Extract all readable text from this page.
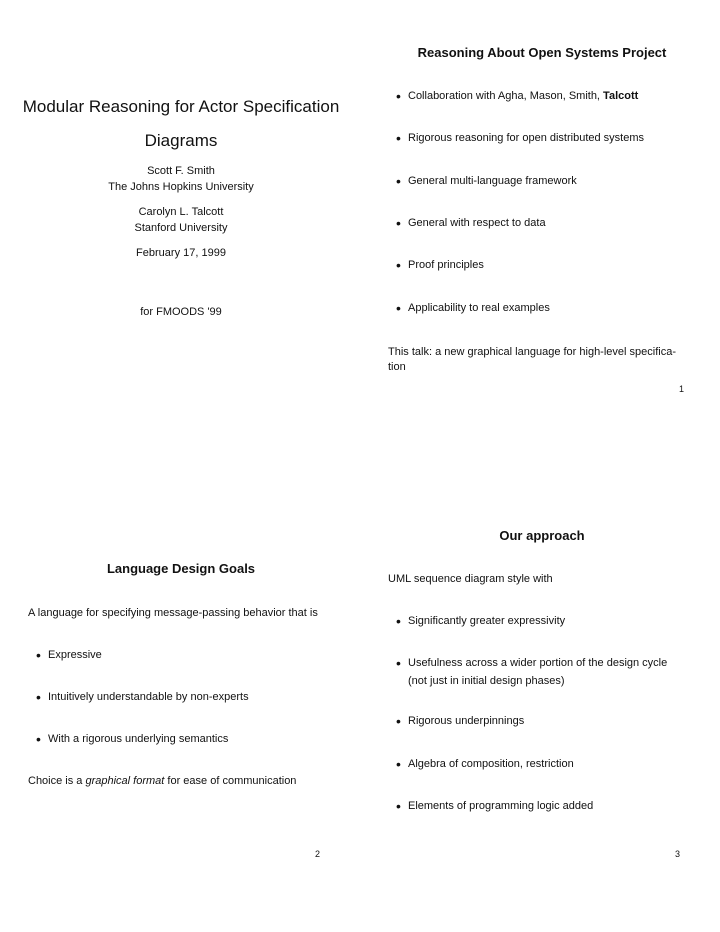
Modular Reasoning for Actor Specification Diagrams
Scott F. Smith
The Johns Hopkins University
Carolyn L. Talcott
Stanford University
February 17, 1999
for FMOODS '99
Reasoning About Open Systems Project
•
Collaboration with Agha, Mason, Smith, Talcott
•
Rigorous reasoning for open distributed systems
•
General multi-language framework
•
General with respect to data
•
Proof principles
•
Applicability to real examples
This talk: a new graphical language for high-level specifica-
tion
1
Language Design Goals
A language for specifying message-passing behavior that is
•
Expressive
•
Intuitively understandable by non-experts
•
With a rigorous underlying semantics
Choice is a graphical format for ease of communication
2
Our approach
UML sequence diagram style with
•
Significantly greater expressivity
•
Usefulness across a wider portion of the design cycle
(not just in initial design phases)
•
Rigorous underpinnings
•
Algebra of composition, restriction
•
Elements of programming logic added
3
